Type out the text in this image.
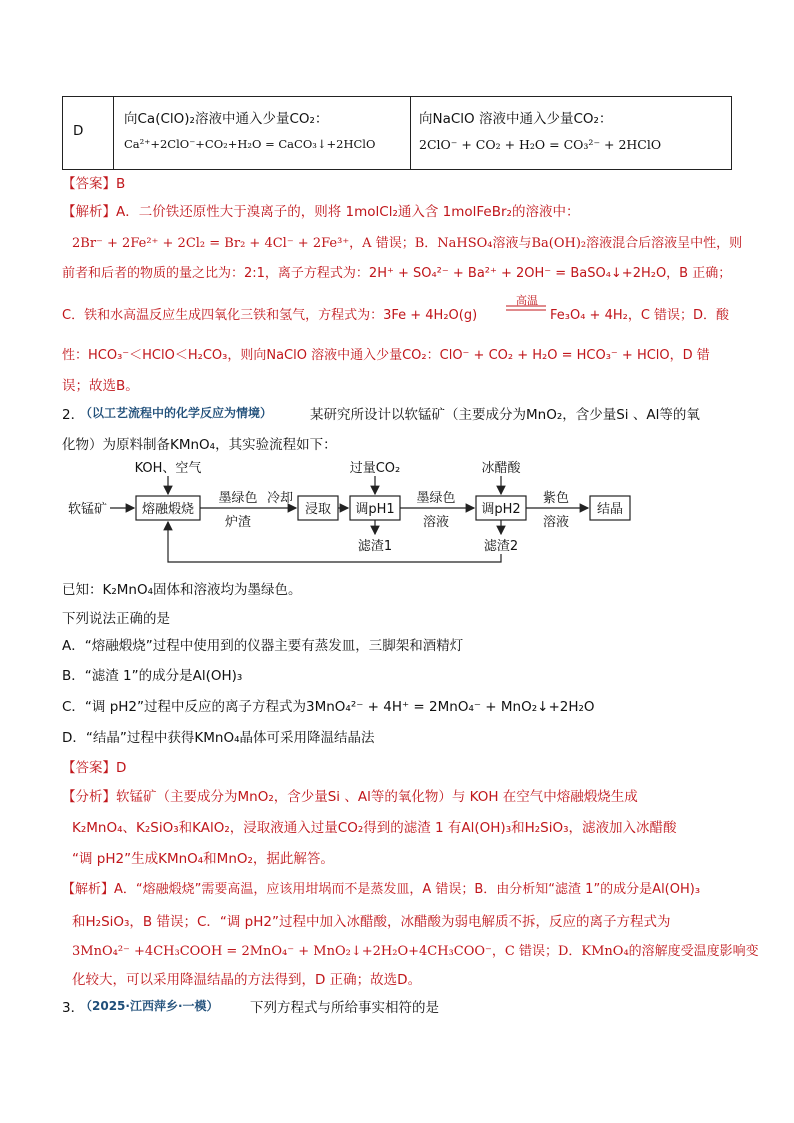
D
向Ca(ClO)₂溶液中通入少量CO₂：
Ca²⁺+2ClO⁻+CO₂+H₂O = CaCO₃↓+2HClO
向NaClO 溶液中通入少量CO₂：
2ClO⁻ + CO₂ + H₂O = CO₃²⁻ + 2HClO
【答案】B
【解析】A．二价铁还原性大于溴离子的，则将 1molCl₂通入含 1molFeBr₂的溶液中：
2Br⁻ + 2Fe²⁺ + 2Cl₂ = Br₂ + 4Cl⁻ + 2Fe³⁺，A 错误；B．NaHSO₄溶液与Ba(OH)₂溶液混合后溶液呈中性，则
前者和后者的物质的量之比为：2:1，离子方程式为：2H⁺ + SO₄²⁻ + Ba²⁺ + 2OH⁻ = BaSO₄↓+2H₂O，B 正确；
C．铁和水高温反应生成四氧化三铁和氢气，方程式为：3Fe + 4H₂O(g)
高温
Fe₃O₄ + 4H₂，C 错误；D．酸
性：HCO₃⁻＜HClO＜H₂CO₃，则向NaClO 溶液中通入少量CO₂：ClO⁻ + CO₂ + H₂O = HCO₃⁻ + HClO，D 错
误；故选B。
2．
（以工艺流程中的化学反应为情境）	某研究所设计以软锰矿（主要成分为MnO₂，含少量Si 、Al等的氧
化物）为原料制备KMnO₄，其实验流程如下：
软锰矿	熔融煅烧
KOH、空气
墨绿色
炉渣
冷却
浸取 调pH1
过量CO₂
滤渣1
墨绿色
溶液
调pH2
冰醋酸
滤渣2
紫色
溶液
结晶
已知：K₂MnO₄固体和溶液均为墨绿色。
下列说法正确的是
A．“熔融煅烧”过程中使用到的仪器主要有蒸发皿，三脚架和酒精灯
B．“滤渣 1”的成分是Al(OH)₃
C．“调 pH2”过程中反应的离子方程式为3MnO₄²⁻ + 4H⁺ = 2MnO₄⁻ + MnO₂↓+2H₂O
D．“结晶”过程中获得KMnO₄晶体可采用降温结晶法
【答案】D
【分析】软锰矿（主要成分为MnO₂，含少量Si 、Al等的氧化物）与 KOH 在空气中熔融煅烧生成
K₂MnO₄、K₂SiO₃和KAlO₂，浸取液通入过量CO₂得到的滤渣 1 有Al(OH)₃和H₂SiO₃，滤液加入冰醋酸
“调 pH2”生成KMnO₄和MnO₂，据此解答。
【解析】A．“熔融煅烧”需要高温，应该用坩埚而不是蒸发皿，A 错误；B．由分析知“滤渣 1”的成分是Al(OH)₃
和H₂SiO₃，B 错误；C．“调 pH2”过程中加入冰醋酸，冰醋酸为弱电解质不拆，反应的离子方程式为
3MnO₄²⁻ +4CH₃COOH = 2MnO₄⁻ + MnO₂↓+2H₂O+4CH₃COO⁻，C 错误；D．KMnO₄的溶解度受温度影响变
化较大，可以采用降温结晶的方法得到，D 正确；故选D。
3．
（2025·江西萍乡·一模） 下列方程式与所给事实相符的是
